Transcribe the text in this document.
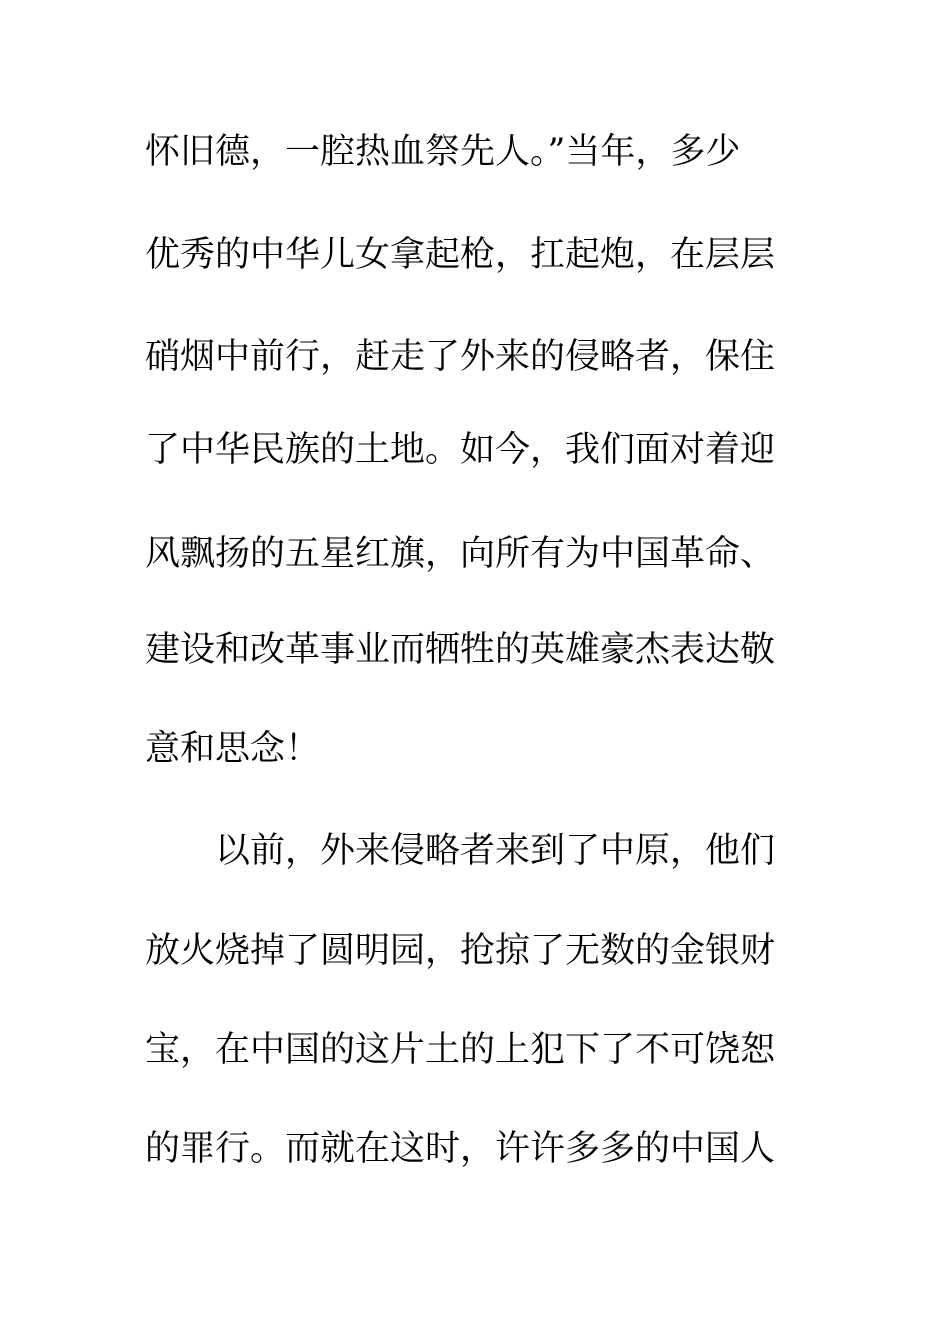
怀旧德，一腔热血祭先人。”当年，多少
优秀的中华儿女拿起枪，扛起炮，在层层
硝烟中前行，赶走了外来的侵略者，保住
了中华民族的土地。如今，我们面对着迎
风飘扬的五星红旗，向所有为中国革命、
建设和改革事业而牺牲的英雄豪杰表达敬
意和思念！
以前，外来侵略者来到了中原，他们
放火烧掉了圆明园，抢掠了无数的金银财
宝，在中国的这片土的上犯下了不可饶恕
的罪行。而就在这时，许许多多的中国人
